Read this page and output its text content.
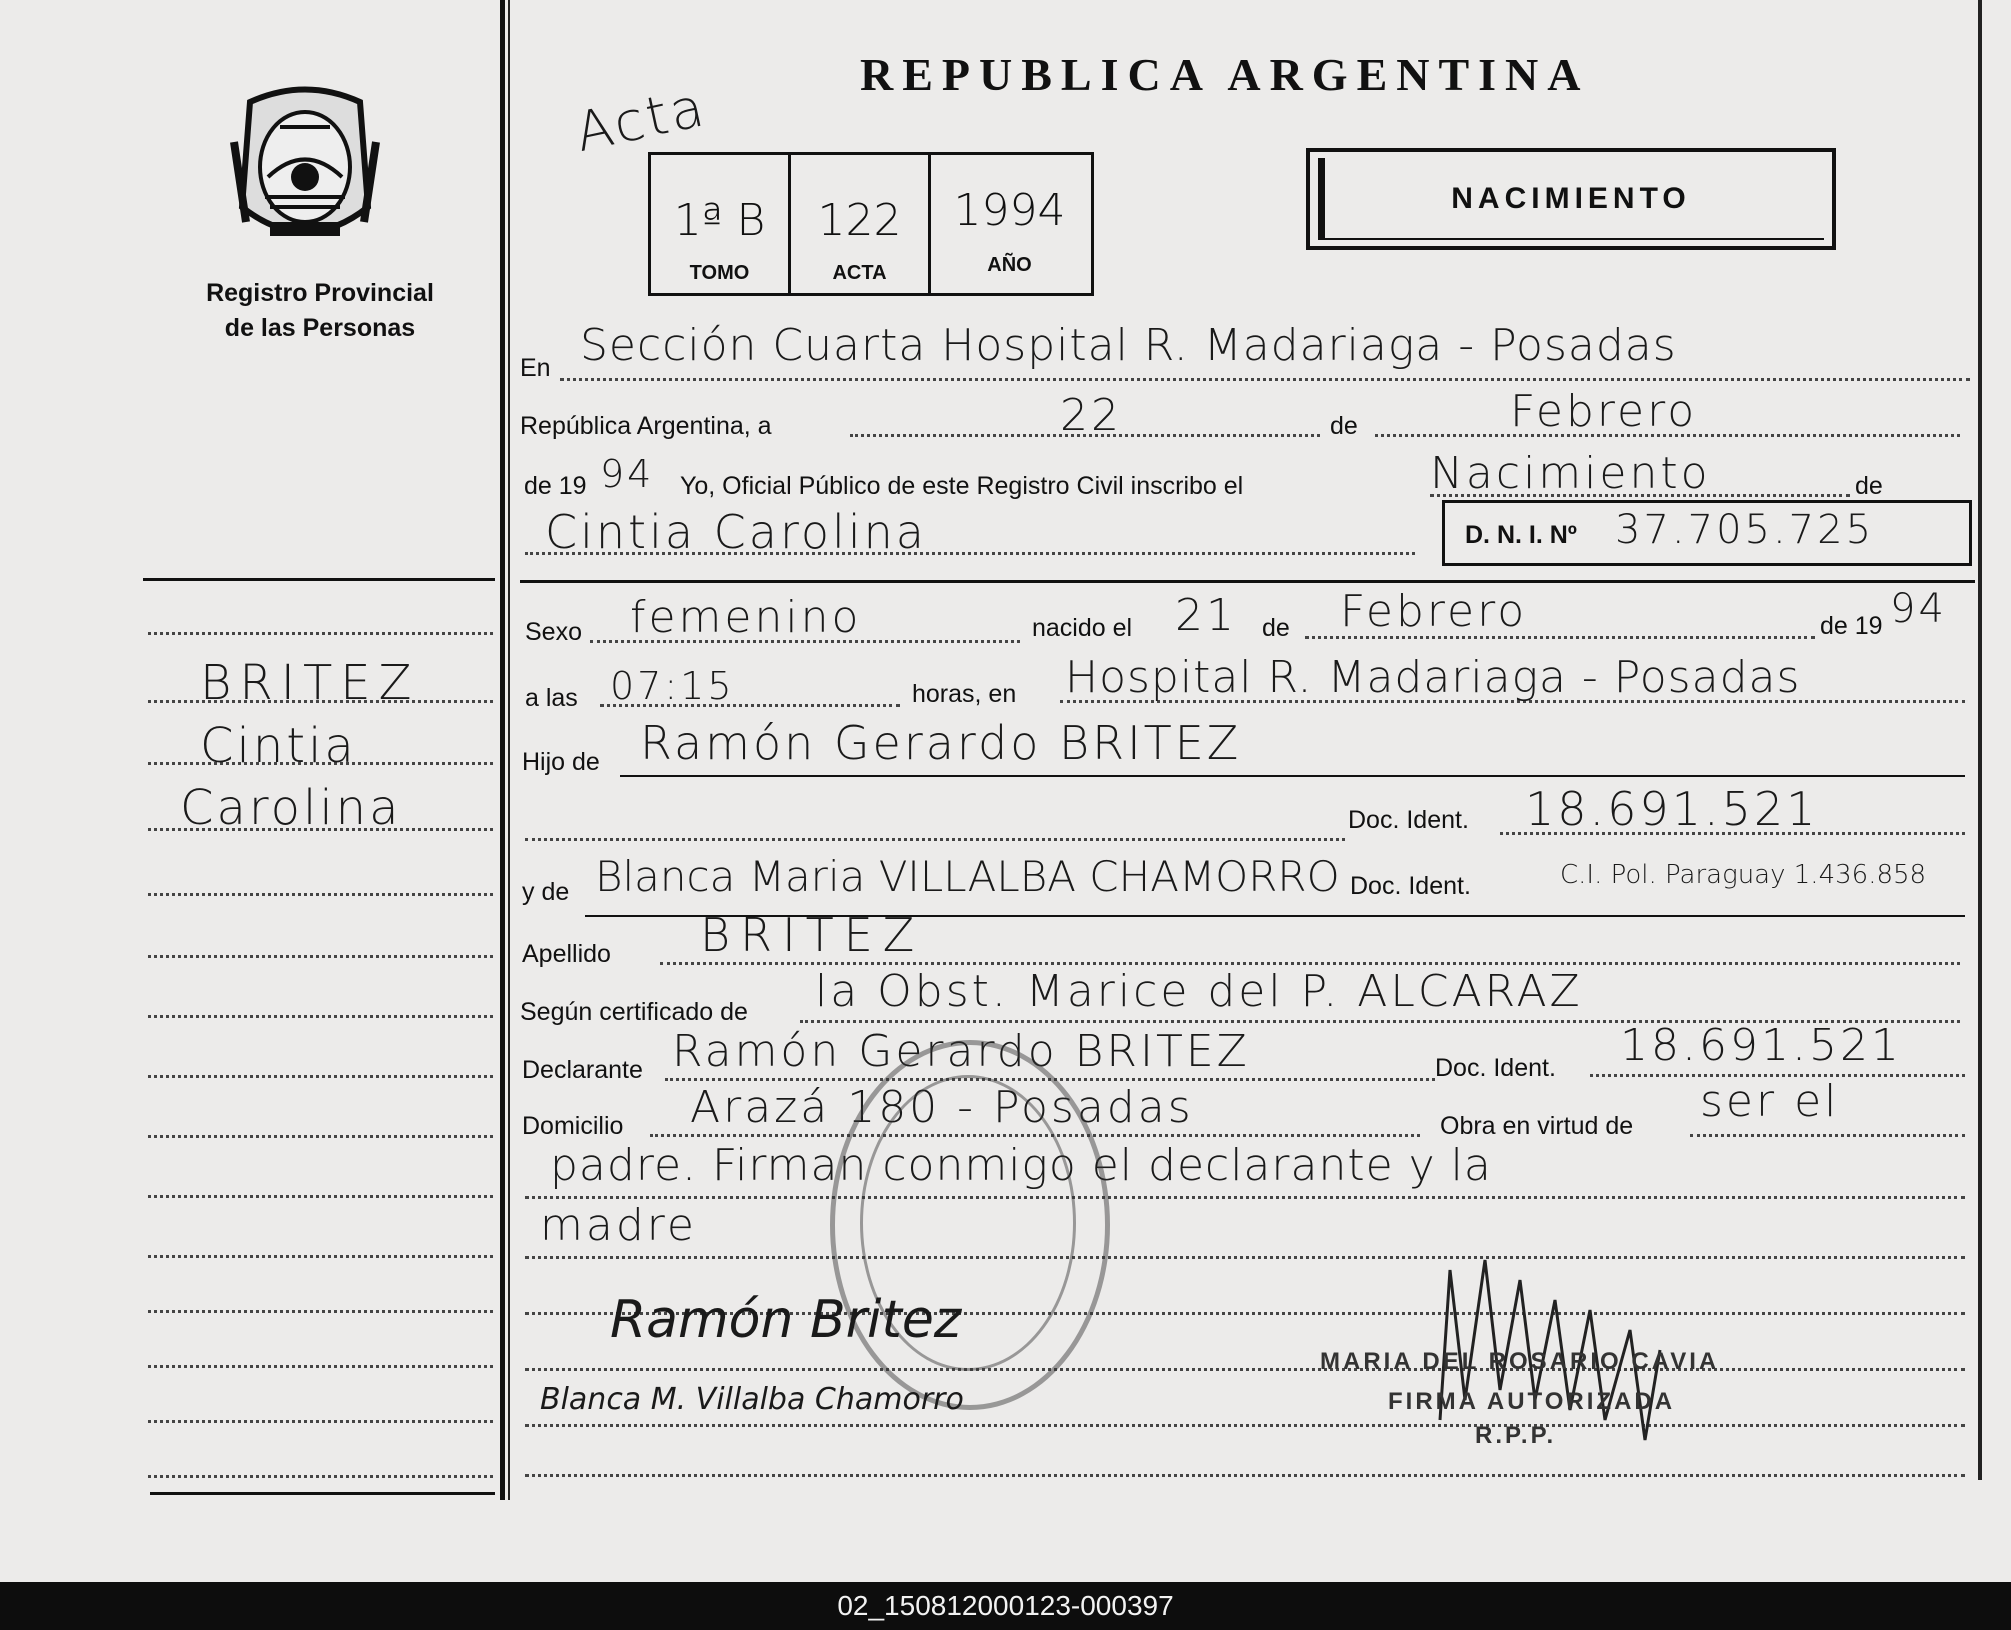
Registro Provincial
de las Personas
BRITEZ
Cintia
Carolina
Acta
REPUBLICA ARGENTINA
1ª B
TOMO
122
ACTA
1994
AÑO
NACIMIENTO
En Sección Cuarta Hospital R. Madariaga - Posadas
República Argentina, a	22	de	Febrero
de 19 94 Yo, Oficial Público de este Registro Civil inscribo el	Nacimiento	de
Cintia Carolina	D. N. I. Nº 37.705.725
Sexo femenino	nacido el 21 de Febrero	de 19 94
a las 07:15	horas, en Hospital R. Madariaga - Posadas
Hijo de Ramón Gerardo BRITEZ
Doc. Ident. 18.691.521
y de Blanca Maria VILLALBA CHAMORRO Doc. Ident.	C.I. Pol. Paraguay 1.436.858
Apellido BRITEZ
Según certificado de la Obst. Marice del P. ALCARAZ
Declarante Ramón Gerardo BRITEZ	Doc. Ident. 18.691.521
Domicilio Arazá 180 - Posadas	Obra en virtud de ser el
padre. Firman conmigo el declarante y la
madre
Ramón Britez
Blanca M. Villalba Chamorro
MARIA DEL ROSARIO CAVIA
FIRMA AUTORIZADA
R.P.P.
02_150812000123-000397
